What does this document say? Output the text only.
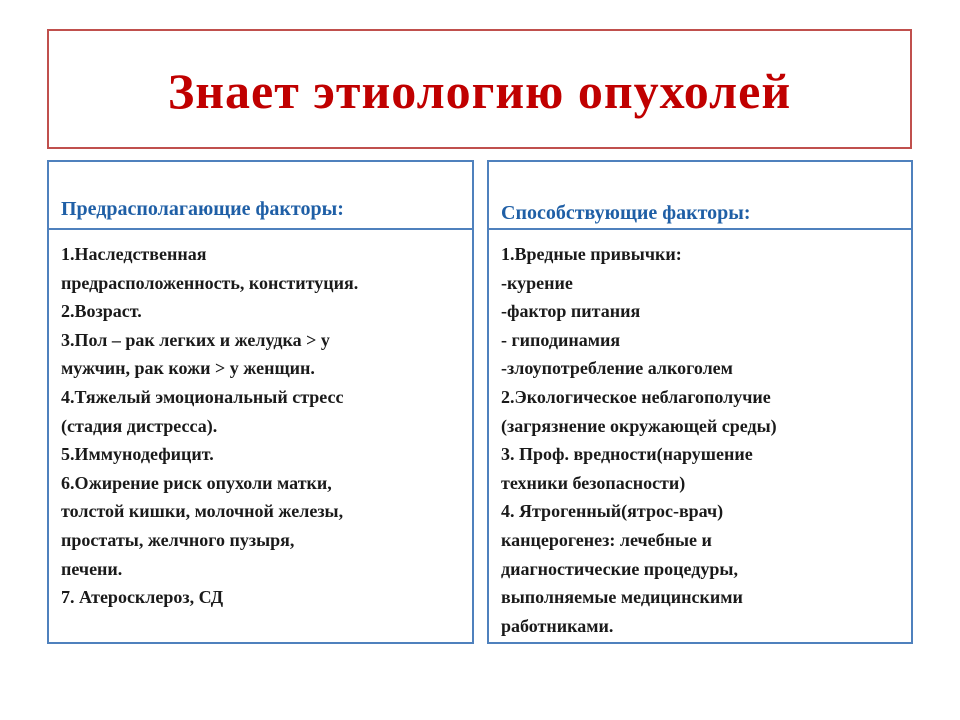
Знает этиологию опухолей
Предрасполагающие факторы:
1.Наследственная
предрасположенность, конституция.
2.Возраст.
3.Пол – рак легких и желудка > у
мужчин, рак кожи > у женщин.
4.Тяжелый эмоциональный стресс
(стадия дистресса).
5.Иммунодефицит.
6.Ожирение риск опухоли матки,
толстой кишки, молочной железы,
простаты, желчного пузыря,
печени.
7. Атеросклероз, СД
Способствующие факторы:
1.Вредные привычки:
-курение
-фактор питания
- гиподинамия
-злоупотребление алкоголем
2.Экологическое неблагополучие
(загрязнение окружающей среды)
3. Проф. вредности(нарушение
техники безопасности)
4. Ятрогенный(ятрос-врач)
канцерогенез: лечебные и
диагностические процедуры,
выполняемые медицинскими
работниками.
